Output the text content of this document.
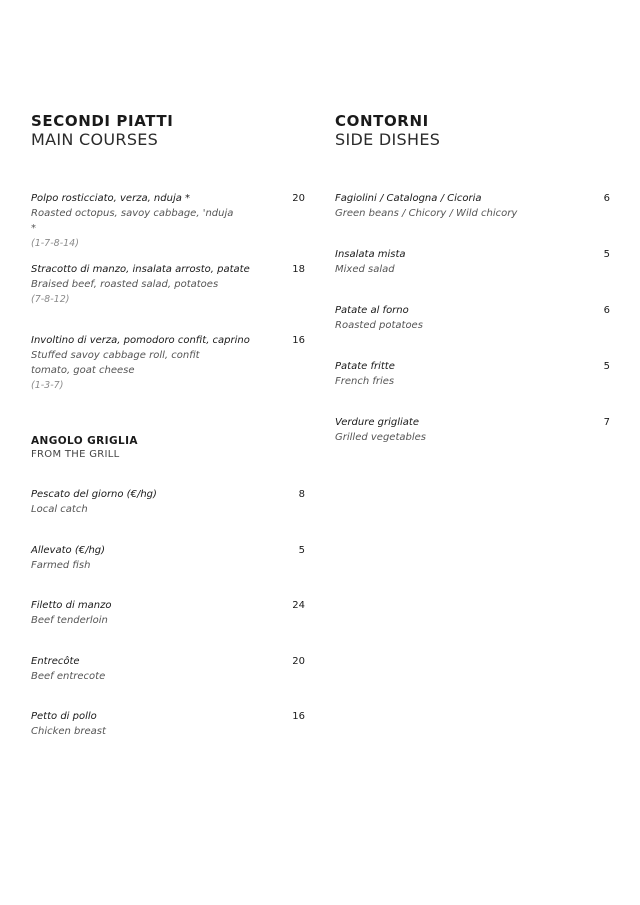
SECONDI PIATTI

MAIN COURSES

Polpo rosticciato, verza, nduja *	20
Roasted octopus, savoy cabbage, 'nduja *
(1-7-8-14)
Stracotto di manzo, insalata arrosto, patate	18
Braised beef, roasted salad, potatoes
(7-8-12)
Involtino di verza, pomodoro confit, caprino	16
Stuffed savoy cabbage roll, confit tomato, goat cheese
(1-3-7)

ANGOLO GRIGLIA

FROM THE GRILL

Pescato del giorno (€/hg)	8
Local catch
Allevato (€/hg)	5
Farmed fish
Filetto di manzo	24
Beef tenderloin
Entrecôte	20
Beef entrecote
Petto di pollo	16
Chicken breast

CONTORNI

SIDE DISHES

Fagiolini / Catalogna / Cicoria	6
Green beans / Chicory / Wild chicory
Insalata mista	5
Mixed salad
Patate al forno	6
Roasted potatoes
Patate fritte	5
French fries
Verdure grigliate	7
Grilled vegetables
